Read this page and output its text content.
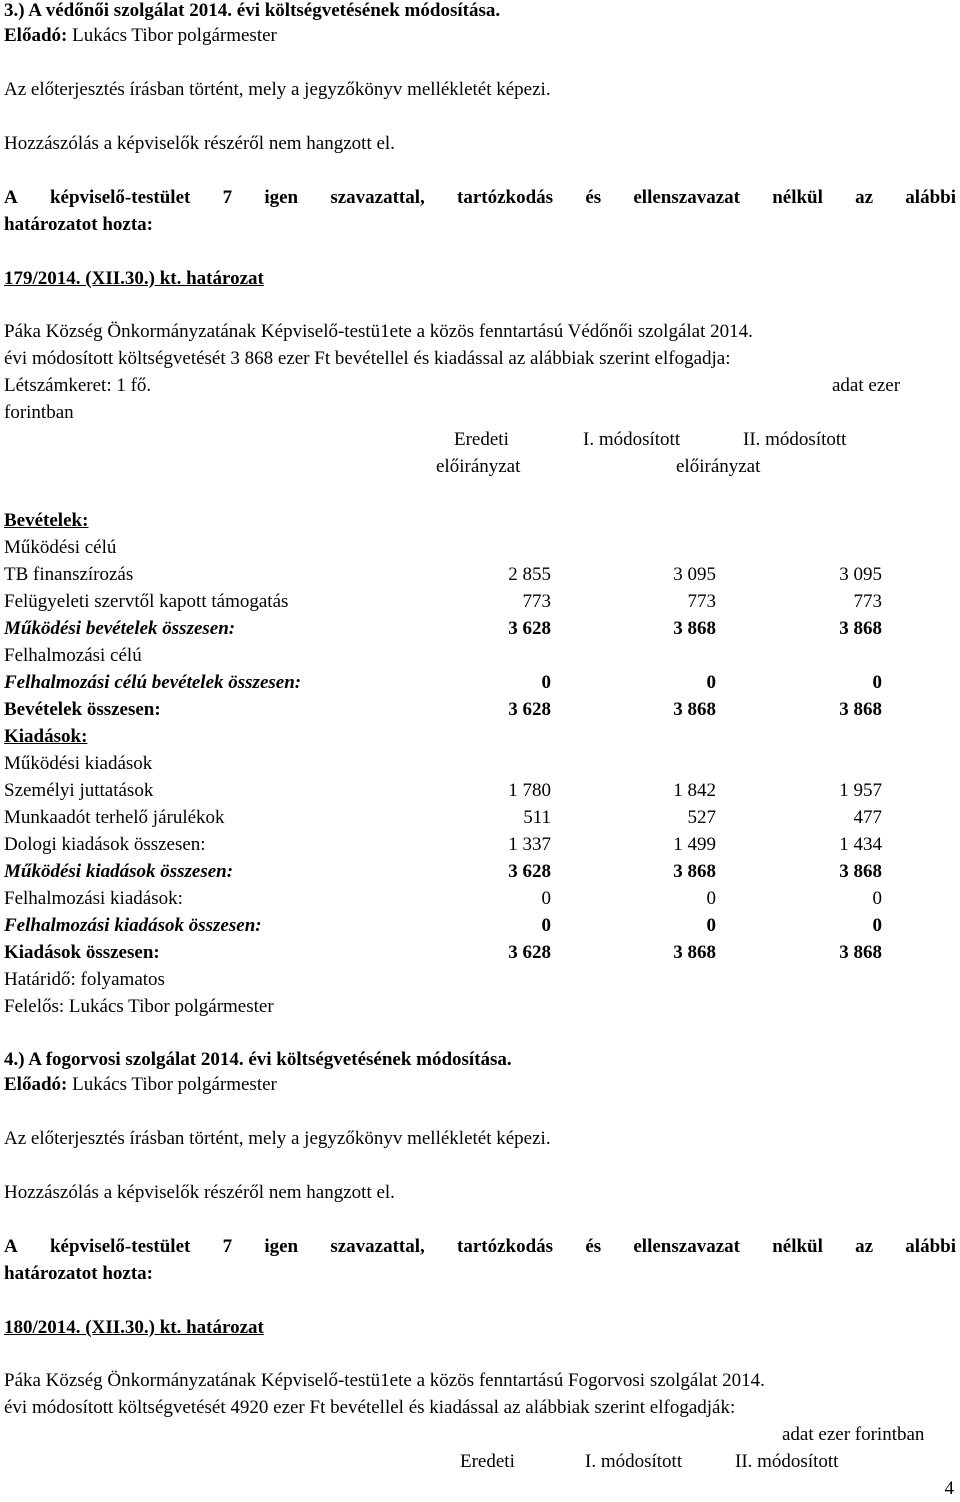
3.) A védőnői szolgálat 2014. évi költségvetésének módosítása.
Előadó: Lukács Tibor polgármester
Az előterjesztés írásban történt, mely a jegyzőkönyv mellékletét képezi.
Hozzászólás a képviselők részéről nem hangzott el.
A képviselő-testület 7 igen szavazattal, tartózkodás és ellenszavazat nélkül az alábbi
határozatot hozta:
179/2014. (XII.30.) kt. határozat
Páka Község Önkormányzatának Képviselő-testü1ete a közös fenntartású Védőnői szolgálat 2014.
évi módosított költségvetését 3 868 ezer Ft bevétellel és kiadással az alábbiak szerint elfogadja:
Létszámkeret: 1 fő.	adat ezer
forintban
Eredeti
előirányzat
I. módosított	II. módosított
előirányzat
Bevételek:
Működési célú
TB finanszírozás	2 855	3 095	3 095
Felügyeleti szervtől kapott támogatás	773	773	773
Működési bevételek összesen:	3 628	3 868	3 868
Felhalmozási célú
Felhalmozási célú bevételek összesen:	0	0	0
Bevételek összesen:	3 628	3 868	3 868
Kiadások:
Működési kiadások
Személyi juttatások	1 780	1 842	1 957
Munkaadót terhelő járulékok	511	527	477
Dologi kiadások összesen:	1 337	1 499	1 434
Működési kiadások összesen:	3 628	3 868	3 868
Felhalmozási kiadások:	0	0	0
Felhalmozási kiadások összesen:	0	0	0
Kiadások összesen:	3 628	3 868	3 868
Határidő: folyamatos
Felelős: Lukács Tibor polgármester
4.) A fogorvosi szolgálat 2014. évi költségvetésének módosítása.
Előadó: Lukács Tibor polgármester
Az előterjesztés írásban történt, mely a jegyzőkönyv mellékletét képezi.
Hozzászólás a képviselők részéről nem hangzott el.
A képviselő-testület 7 igen szavazattal, tartózkodás és ellenszavazat nélkül az alábbi
határozatot hozta:
180/2014. (XII.30.) kt. határozat
Páka Község Önkormányzatának Képviselő-testü1ete a közös fenntartású Fogorvosi szolgálat 2014.
évi módosított költségvetését 4920 ezer Ft bevétellel és kiadással az alábbiak szerint elfogadják:
adat ezer forintban
Eredeti	I. módosított	II. módosított
4
